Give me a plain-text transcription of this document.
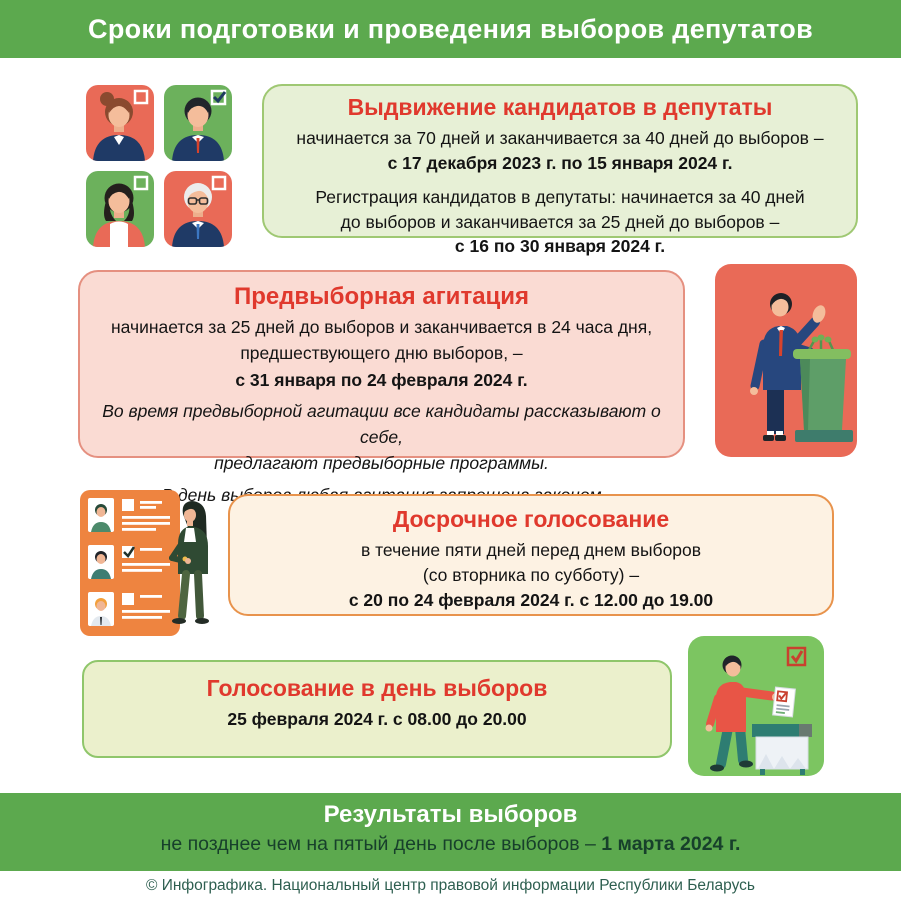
Сроки подготовки и проведения выборов депутатов
Выдвижение кандидатов в депутаты
начинается за 70 дней и заканчивается за 40 дней до выборов –
с 17 декабря 2023 г. по 15 января 2024 г.
Регистрация кандидатов в депутаты: начинается за 40 дней
до выборов и заканчивается за 25 дней до выборов –
с 16 по 30 января 2024 г.
Предвыборная агитация
начинается за 25 дней до выборов и заканчивается в 24 часа дня,
предшествующего дню выборов, –
с 31 января по 24 февраля 2024 г.
Во время предвыборной агитации все кандидаты рассказывают о себе,
предлагают предвыборные программы.
день
Досрочное голосование
в течение пяти дней перед днем выборов
(со вторника по субботу) –
с 20 по 24 февраля 2024 г. с 12.00 до 19.00
Голосование в день выборов
25 февраля 2024 г. с 08.00 до 20.00
Результаты выборов
не позднее чем на пятый день после выборов – 1 марта 2024 г.
© Инфографика. Национальный центр правовой информации Республики Беларусь
